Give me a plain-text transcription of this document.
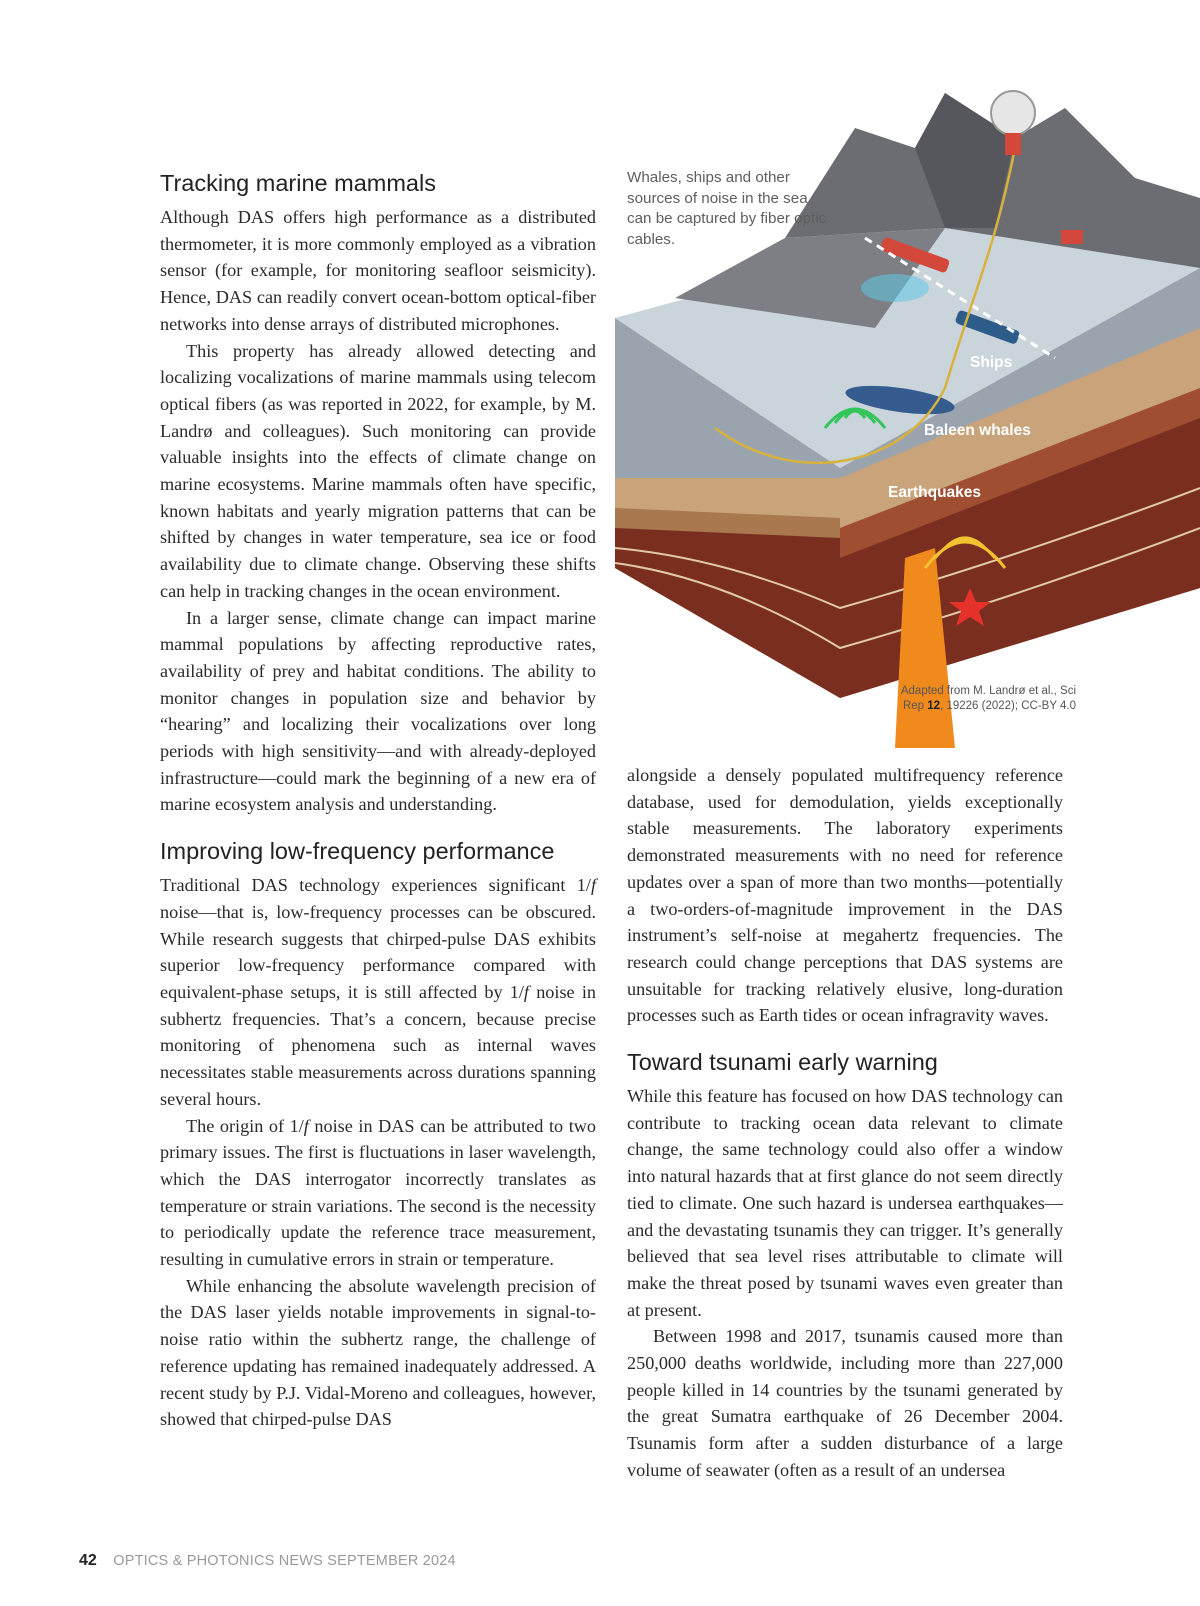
Tracking marine mammals

Although DAS offers high performance as a distributed thermometer, it is more commonly employed as a vibration sensor (for example, for monitoring seafloor seismicity). Hence, DAS can readily convert ocean-bottom optical-fiber networks into dense arrays of distributed microphones.

This property has already allowed detecting and localizing vocalizations of marine mammals using telecom optical fibers (as was reported in 2022, for example, by M. Landrø and colleagues). Such monitoring can provide valuable insights into the effects of climate change on marine ecosystems. Marine mammals often have specific, known habitats and yearly migration patterns that can be shifted by changes in water temperature, sea ice or food availability due to climate change. Observing these shifts can help in tracking changes in the ocean environment.

In a larger sense, climate change can impact marine mammal populations by affecting reproductive rates, availability of prey and habitat conditions. The ability to monitor changes in population size and behavior by “hearing” and localizing their vocalizations over long periods with high sensitivity—and with already-deployed infrastructure—could mark the beginning of a new era of marine ecosystem analysis and understanding.

Improving low-frequency performance

Traditional DAS technology experiences significant 1/f noise—that is, low-frequency processes can be obscured. While research suggests that chirped-pulse DAS exhibits superior low-frequency performance compared with equivalent-phase setups, it is still affected by 1/f noise in subhertz frequencies. That’s a concern, because precise monitoring of phenomena such as internal waves necessitates stable measurements across durations spanning several hours.

The origin of 1/f noise in DAS can be attributed to two primary issues. The first is fluctuations in laser wavelength, which the DAS interrogator incorrectly translates as temperature or strain variations. The second is the necessity to periodically update the reference trace measurement, resulting in cumulative errors in strain or temperature.

While enhancing the absolute wavelength precision of the DAS laser yields notable improvements in signal-to-noise ratio within the subhertz range, the challenge of reference updating has remained inadequately addressed. A recent study by P.J. Vidal-Moreno and colleagues, however, showed that chirped-pulse DAS

Whales, ships and other sources of noise in the sea can be captured by fiber optic cables.
Ships
Baleen whales
Earthquakes
Adapted from M. Landrø et al., Sci Rep 12, 19226 (2022); CC-BY 4.0

alongside a densely populated multifrequency reference database, used for demodulation, yields exceptionally stable measurements. The laboratory experiments demonstrated measurements with no need for reference updates over a span of more than two months—potentially a two-orders-of-magnitude improvement in the DAS instrument’s self-noise at megahertz frequencies. The research could change perceptions that DAS systems are unsuitable for tracking relatively elusive, long-duration processes such as Earth tides or ocean infragravity waves.

Toward tsunami early warning

While this feature has focused on how DAS technology can contribute to tracking ocean data relevant to climate change, the same technology could also offer a window into natural hazards that at first glance do not seem directly tied to climate. One such hazard is undersea earthquakes—and the devastating tsunamis they can trigger. It’s generally believed that sea level rises attributable to climate will make the threat posed by tsunami waves even greater than at present.

Between 1998 and 2017, tsunamis caused more than 250,000 deaths worldwide, including more than 227,000 people killed in 14 countries by the tsunami generated by the great Sumatra earthquake of 26 December 2004. Tsunamis form after a sudden disturbance of a large volume of seawater (often as a result of an undersea

42 OPTICS & PHOTONICS NEWS SEPTEMBER 2024
